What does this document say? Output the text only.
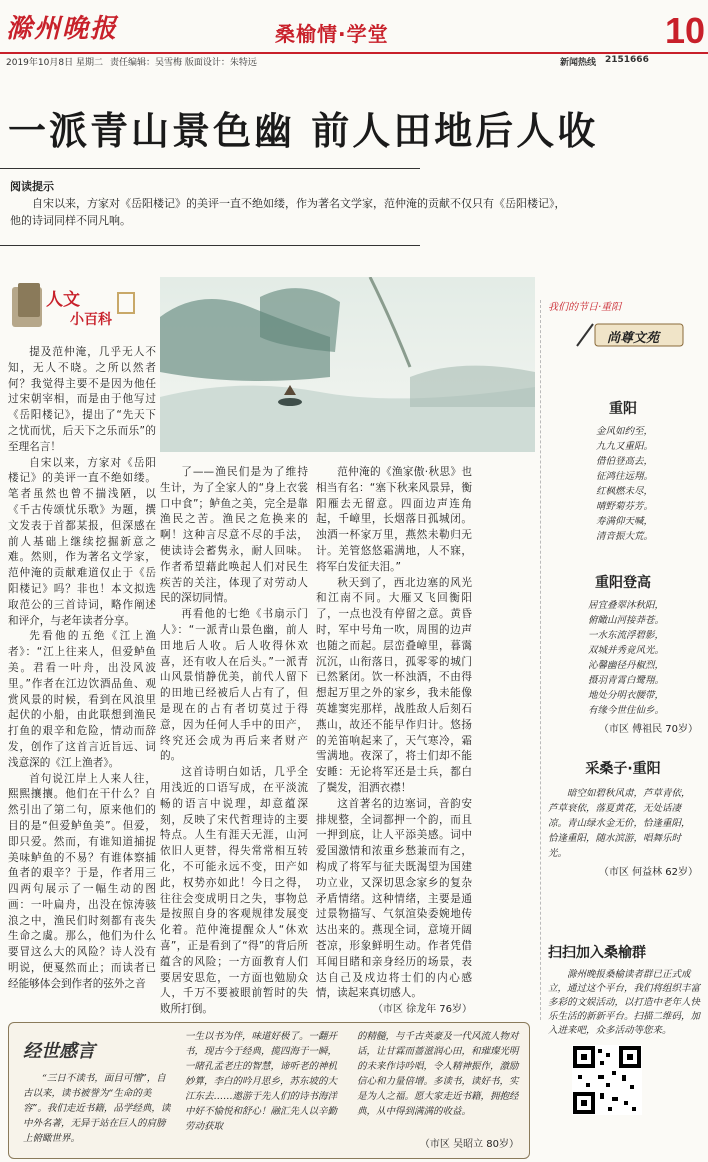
滁州晚报	桑榆情·学堂	10
2019年10月8日 星期二 责任编辑：吴雪梅 版面设计：朱特远	新闻热线 2151666
一派青山景色幽 前人田地后人收
阅读提示
自宋以来，方家对《岳阳楼记》的美评一直不绝如缕，作为著名文学家，范仲淹的贡献不仅只有《岳阳楼记》，他的诗词同样不同凡响。
人文
小百科

提及范仲淹，几乎无人不知，无人不晓。之所以然者何？我觉得主要不是因为他任过宋朝宰相，而是由于他写过《岳阳楼记》，提出了“先天下之忧而忧，后天下之乐而乐”的至理名言！

自宋以来，方家对《岳阳楼记》的美评一直不绝如缕。笔者虽然也曾不揣浅陋，以《千古传颂忧乐歌》为题，撰文发表于首都某报，但深感在前人基础上继续挖掘新意之难。然则，作为著名文学家，范仲淹的贡献难道仅止于《岳阳楼记》吗？非也！本文拟选取范公的三首诗词，略作阐述和评介，与老年读者分享。

先看他的五绝《江上渔者》：“江上往来人，但爱鲈鱼美。君看一叶舟，出没风波里。”作者在江边饮酒品鱼、观赏风景的时候，看到在风浪里起伏的小船，由此联想到渔民打鱼的艰辛和危险，情动而辞发，创作了这首言近旨远、词浅意深的《江上渔者》。

首句说江岸上人来人往，熙熙攘攘。他们在干什么？自然引出了第二句，原来他们的目的是“但爱鲈鱼美”。但爱，即只爱。然而，有谁知道捕捉美味鲈鱼的不易？有谁体察捕鱼者的艰辛？于是，作者用三四两句展示了一幅生动的图画：一叶扁舟，出没在惊涛骇浪之中，渔民们时刻都有丧失生命之虞。那么，他们为什么要冒这么大的风险？诗人没有明说，便戛然而止；而读者已经能够体会到作者的弦外之音

了——渔民们是为了维持生计，为了全家人的“身上衣裳口中食”；鲈鱼之美，完全是靠渔民之苦。渔民之危换来的啊！这种言尽意不尽的手法，使读诗会蓄隽永，耐人回味。作者希望藉此唤起人们对民生疾苦的关注，体现了对劳动人民的深切同情。

再看他的七绝《书扇示门人》：“一派青山景色幽，前人田地后人收。后人收得休欢喜，还有收人在后头。”一派青山风景悄静优美，前代人留下的田地已经被后人占有了，但是现在的占有者切莫过于得意，因为任何人手中的田产，终究还会成为再后来者财产的。

这首诗明白如话，几乎全用浅近的口语写成，在平淡流畅的语言中说理，却意蕴深刻，反映了宋代哲理诗的主要特点。人生有涯天无涯，山河依旧人更替，得失常常相互转化，不可能永远不变，田产如此，权势亦如此！今日之得，往往会变成明日之失，事物总是按照自身的客观规律发展变化着。范仲淹提醒众人“休欢喜”，正是看到了“得”的背后所蕴含的风险；一方面教育人们要居安思危，一方面也勉励众人，千万不要被眼前暂时的失败所打倒。

范仲淹的《渔家傲·秋思》也相当有名：“塞下秋来风景异，衡阳雁去无留意。四面边声连角起，千嶂里，长烟落日孤城闭。浊酒一杯家万里，燕然未勒归无计。羌管悠悠霜满地，人不寐，将军白发征夫泪。”

秋天到了，西北边塞的风光和江南不同。大雁又飞回衡阳了，一点也没有停留之意。黄昏时，军中号角一吹，周围的边声也随之而起。层峦叠嶂里，暮霭沉沉，山衔落日，孤零零的城门已然紧闭。饮一杯浊酒，不由得想起万里之外的家乡，我未能像英雄窦宪那样，战胜敌人后刻石燕山，故还不能早作归计。悠扬的羌笛响起来了，天气寒冷，霜雪满地。夜深了，将士们却不能安睡：无论将军还是士兵，都白了鬓发，泪洒衣襟！

这首著名的边塞词，音韵安排规整，全词都押一个韵，而且一押到底，让人平添美感。词中爱国激情和浓重乡愁兼而有之，构成了将军与征夫既渴望为国建功立业，又深切思念家乡的复杂矛盾情绪。这种情绪，主要是通过景物描写、气氛渲染委婉地传达出来的。燕现全词，意境开阔苍凉，形象鲜明生动。作者凭借耳闻目睹和亲身经历的场景，表达自己及戍边将士们的内心感情，读起来真切感人。

（市区 徐龙年 76岁）
我们的节日·重阳
尚尊文苑
重阳
金风如约至，
九九又重阳。
借伯登高去，
征鸿往远翔。
红枫燃未尽，
晴野菊芬芳。
寿满仰天喊，
清音振大荒。
重阳登高
居宜叠翠沐秋阳，
俯瞰山河接莽苍。
一水东流浮碧影，
双城并秀竞风光。
沁馨幽径丹椒烈，
摄羽青霄白鹭翔。
地处分明衣腰带，
有缘今世住仙乡。
（市区 傅祖民 70岁）
采桑子·重阳
暗空如碧秋风肃，芦草青依，芦草衰依，落夏黄花，无处话凄凉。青山绿水金无价，恰逢重阳，恰逢重阳，随水滨游，唱舞乐时光。
（市区 何益林 62岁）
扫扫加入桑榆群
滁州晚报桑榆读者群已正式成立，通过这个平台，我们将组织丰富多彩的文娱活动，以打造中老年人快乐生活的新新平台。扫描二维码，加入进来吧，众多活动等您来。
经世感言
“三日不读书，面目可憎”，自古以来，读书被誉为“生命的美容”。我们走近书籍，品学经典，读中外名著，无异于站在巨人的肩膀上俯瞰世界。
一生以书为伴，味道好极了。一翻开书，现古今于经典，揽四海于一瞬，一睹孔孟老庄的智慧，谛听老的神机妙算，李白的吟月思乡，苏东坡的大江东去……遨游于先人们的诗书海洋中好不愉悦和舒心！融汇先人以辛勤劳动获取
的精髓，与千古英豪及一代风流人物对话，让甘霖而蔷滋润心田，和璀璨光明的未来作诗吟唱，令人精神振作，激励信心和力量倍增。多读书，读好书，实是为人之福。愿大家走近书籍，拥抱经典，从中得到满满的收益。
（市区 吴昭立 80岁）
